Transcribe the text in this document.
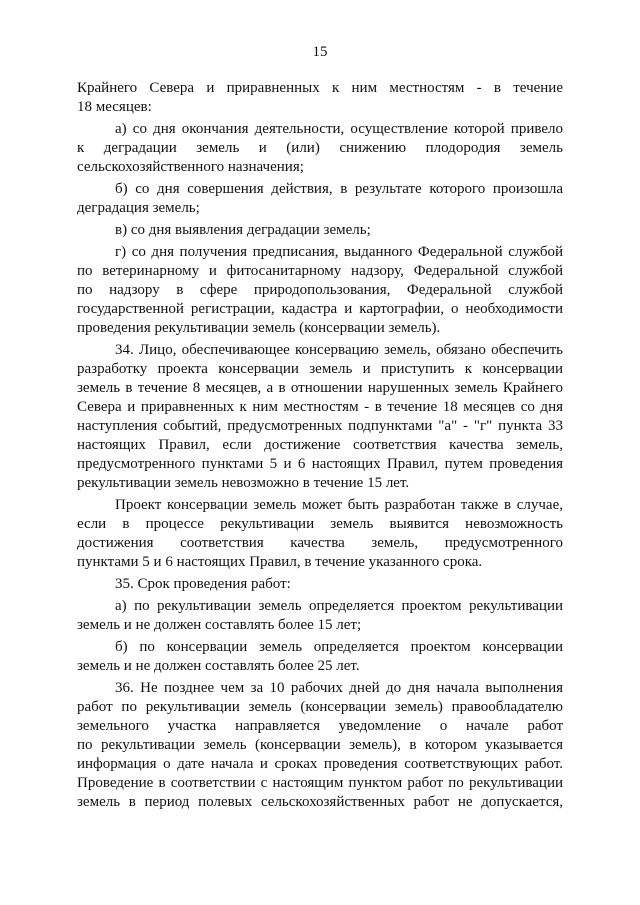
15
Крайнего Севера и приравненных к ним местностям - в течение
18 месяцев:
а) со дня окончания деятельности, осуществление которой привело
к деградации земель и (или) снижению плодородия земель
сельскохозяйственного назначения;
б) со дня совершения действия, в результате которого произошла
деградация земель;
в) со дня выявления деградации земель;
г) со дня получения предписания, выданного Федеральной службой
по ветеринарному и фитосанитарному надзору, Федеральной службой
по надзору в сфере природопользования, Федеральной службой
государственной регистрации, кадастра и картографии, о необходимости
проведения рекультивации земель (консервации земель).
34. Лицо, обеспечивающее консервацию земель, обязано обеспечить
разработку проекта консервации земель и приступить к консервации
земель в течение 8 месяцев, а в отношении нарушенных земель Крайнего
Севера и приравненных к ним местностям - в течение 18 месяцев со дня
наступления событий, предусмотренных подпунктами "а" - "г" пункта 33
настоящих Правил, если достижение соответствия качества земель,
предусмотренного пунктами 5 и 6 настоящих Правил, путем проведения
рекультивации земель невозможно в течение 15 лет.
Проект консервации земель может быть разработан также в случае,
если в процессе рекультивации земель выявится невозможность
достижения соответствия качества земель, предусмотренного
пунктами 5 и 6 настоящих Правил, в течение указанного срока.
35. Срок проведения работ:
а) по рекультивации земель определяется проектом рекультивации
земель и не должен составлять более 15 лет;
б) по консервации земель определяется проектом консервации
земель и не должен составлять более 25 лет.
36. Не позднее чем за 10 рабочих дней до дня начала выполнения
работ по рекультивации земель (консервации земель) правообладателю
земельного участка направляется уведомление о начале работ
по рекультивации земель (консервации земель), в котором указывается
информация о дате начала и сроках проведения соответствующих работ.
Проведение в соответствии с настоящим пунктом работ по рекультивации
земель в период полевых сельскохозяйственных работ не допускается,
